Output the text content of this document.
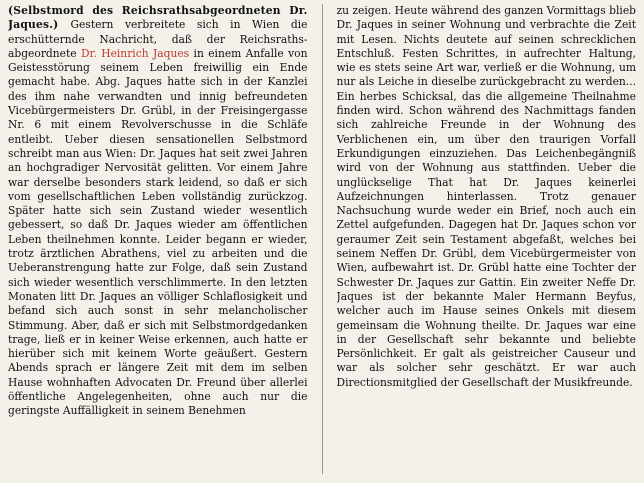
(Selbstmord des Reichsrathsabgeordneten Dr. Jaques.) Gestern verbreitete sich in Wien die erschütternde Nachricht, daß der Reichsraths-abgeordnete Dr. Heinrich Jaques in einem Anfalle von Geistesstörung seinem Leben freiwillig ein Ende gemacht habe. Abg. Jaques hatte sich in der Kanzlei des ihm nahe verwandten und innig befreundeten Vicebürgermeisters Dr. Grübl, in der Freisingergasse Nr. 6 mit einem Revolverschusse in die Schläfe entleibt. Ueber diesen sensationellen Selbstmord schreibt man aus Wien: Dr. Jaques hat seit zwei Jahren an hochgradiger Nervosität gelitten. Vor einem Jahre war derselbe besonders stark leidend, so daß er sich vom gesellschaftlichen Leben vollständig zurückzog. Später hatte sich sein Zustand wieder wesentlich gebessert, so daß Dr. Jaques wieder am öffentlichen Leben theilnehmen konnte. Leider begann er wieder, trotz ärztlichen Abrathens, viel zu arbeiten und die Ueberanstrengung hatte zur Folge, daß sein Zustand sich wieder wesentlich verschlimmerte. In den letzten Monaten litt Dr. Jaques an völliger Schlaflosigkeit und befand sich auch sonst in sehr melancholischer Stimmung. Aber, daß er sich mit Selbstmordgedanken trage, ließ er in keiner Weise erkennen, auch hatte er hierüber sich mit keinem Worte geäußert. Gestern Abends sprach er längere Zeit mit dem im selben Hause wohnhaften Advocaten Dr. Freund über allerlei öffentliche Angelegenheiten, ohne auch nur die geringste Auffälligkeit in seinem Benehmen

zu zeigen. Heute während des ganzen Vormittags blieb Dr. Jaques in seiner Wohnung und verbrachte die Zeit mit Lesen. Nichts deutete auf seinen schrecklichen Entschluß. Festen Schrittes, in aufrechter Haltung, wie es stets seine Art war, verließ er die Wohnung, um nur als Leiche in dieselbe zurückgebracht zu werden... Ein herbes Schicksal, das die allgemeine Theilnahme finden wird. Schon während des Nachmittags fanden sich zahlreiche Freunde in der Wohnung des Verblichenen ein, um über den traurigen Vorfall Erkundigungen einzuziehen. Das Leichenbegängniß wird von der Wohnung aus stattfinden. Ueber die unglückselige That hat Dr. Jaques keinerlei Aufzeichnungen hinterlassen. Trotz genauer Nachsuchung wurde weder ein Brief, noch auch ein Zettel aufgefunden. Dagegen hat Dr. Jaques schon vor geraumer Zeit sein Testament abgefaßt, welches bei seinem Neffen Dr. Grübl, dem Vicebürgermeister von Wien, aufbewahrt ist. Dr. Grübl hatte eine Tochter der Schwester Dr. Jaques zur Gattin. Ein zweiter Neffe Dr. Jaques ist der bekannte Maler Hermann Beyfus, welcher auch im Hause seines Onkels mit diesem gemeinsam die Wohnung theilte. Dr. Jaques war eine in der Gesellschaft sehr bekannte und beliebte Persönlichkeit. Er galt als geistreicher Causeur und war als solcher sehr geschätzt. Er war auch Directionsmitglied der Gesellschaft der Musikfreunde.
